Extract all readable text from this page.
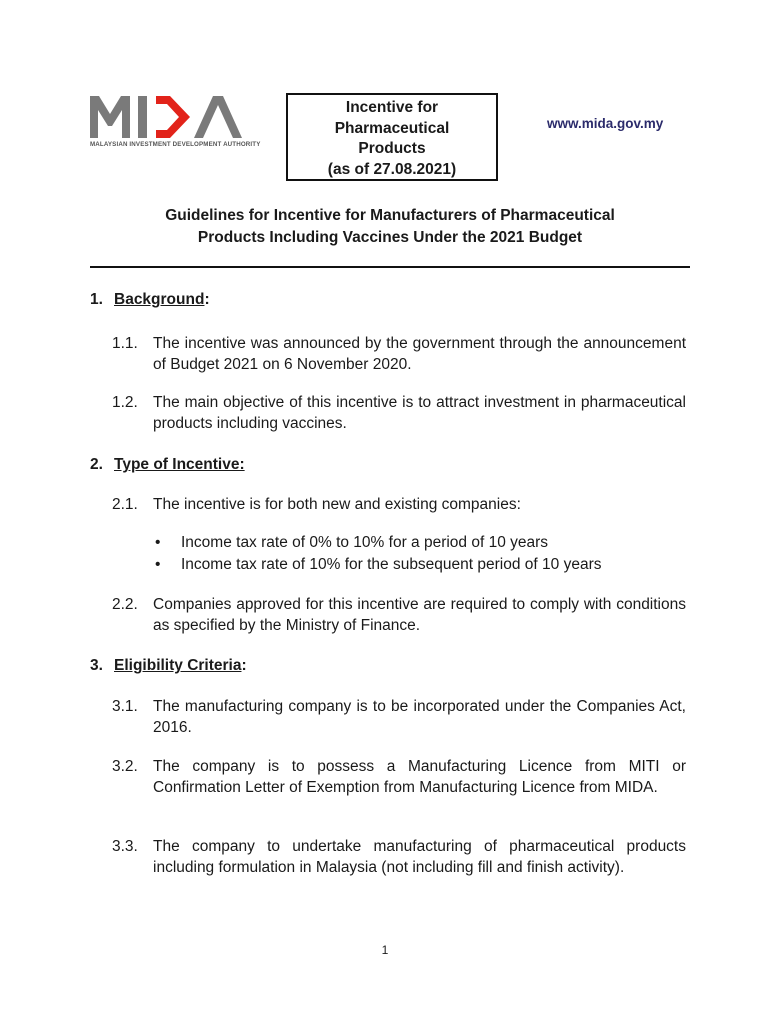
MALAYSIAN INVESTMENT DEVELOPMENT AUTHORITY
Incentive for
Pharmaceutical
Products
(as of 27.08.2021)
www.mida.gov.my
Guidelines for Incentive for Manufacturers of Pharmaceutical
Products Including Vaccines Under the 2021 Budget
1. Background:
1.1. The incentive was announced by the government through the announcement of Budget 2021 on 6 November 2020.
1.2. The main objective of this incentive is to attract investment in pharmaceutical products including vaccines.
2. Type of Incentive:
2.1. The incentive is for both new and existing companies:
• Income tax rate of 0% to 10% for a period of 10 years
• Income tax rate of 10% for the subsequent period of 10 years
2.2. Companies approved for this incentive are required to comply with conditions as specified by the Ministry of Finance.
3. Eligibility Criteria:
3.1. The manufacturing company is to be incorporated under the Companies Act, 2016.
3.2. The company is to possess a Manufacturing Licence from MITI or Confirmation Letter of Exemption from Manufacturing Licence from MIDA.
3.3. The company to undertake manufacturing of pharmaceutical products including formulation in Malaysia (not including fill and finish activity).
1
